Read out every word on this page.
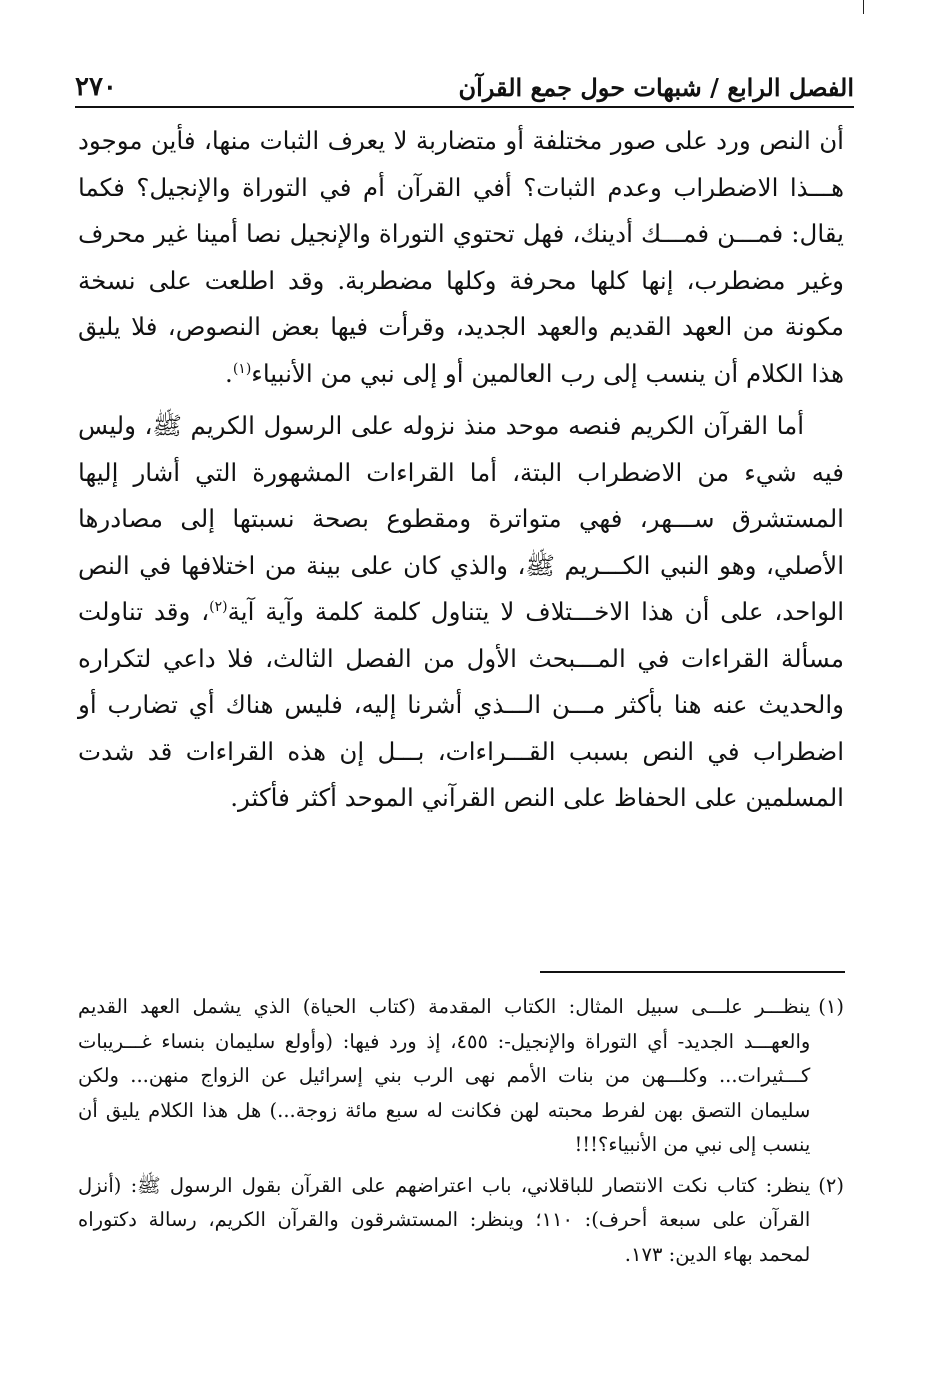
الفصل الرابع / شبهات حول جمع القرآن
٢٧٠

أن النص ورد على صور مختلفة أو متضاربة لا يعرف الثبات منها، فأين موجود هـــذا الاضطراب وعدم الثبات؟ أفي القرآن أم في التوراة والإنجيل؟ فكما يقال: فمـــن فمـــك أدينك، فهل تحتوي التوراة والإنجيل نصا أمينا غير محرف وغير مضطرب، إنها كلها محرفة وكلها مضطربة. وقد اطلعت على نسخة مكونة من العهد القديم والعهد الجديد، وقرأت فيها بعض النصوص، فلا يليق هذا الكلام أن ينسب إلى رب العالمين أو إلى نبي من الأنبياء$^{(١)}$.

أما القرآن الكريم فنصه موحد منذ نزوله على الرسول الكريم ﷺ، وليس فيه شيء من الاضطراب البتة، أما القراءات المشهورة التي أشار إليها المستشرق ســـهر، فهي متواترة ومقطوع بصحة نسبتها إلى مصادرها الأصلي، وهو النبي الكـــريم ﷺ، والذي كان على بينة من اختلافها في النص الواحد، على أن هذا الاخـــتلاف لا يتناول كلمة كلمة وآية آية$^{(٢)}$، وقد تناولت مسألة القراءات في المـــبحث الأول من الفصل الثالث، فلا داعي لتكراره والحديث عنه هنا بأكثر مـــن الـــذي أشرنا إليه، فليس هناك أي تضارب أو اضطراب في النص بسبب القـــراءات، بـــل إن هذه القراءات قد شدت المسلمين على الحفاظ على النص القرآني الموحد أكثر فأكثر.

(١)
ينظـــر علـــى سبيل المثال: الكتاب المقدمة (كتاب الحياة) الذي يشمل العهد القديم والعهـــد الجديد- أي التوراة والإنجيل-: ٤٥٥، إذ ورد فيها: (وأولع سليمان بنساء غـــريبات كـــثيرات... وكلـــهن من بنات الأمم نهى الرب بني إسرائيل عن الزواج منهن... ولكن سليمان التصق بهن لفرط محبته لهن فكانت له سبع مائة زوجة...) هل هذا الكلام يليق أن ينسب إلى نبي من الأنبياء؟!!!
(٢)
ينظر: كتاب نكت الانتصار للباقلاني، باب اعتراضهم على القرآن بقول الرسول ﷺ: (أنزل القرآن على سبعة أحرف): ١١٠؛ وينظر: المستشرقون والقرآن الكريم، رسالة دكتوراه لمحمد بهاء الدين: ١٧٣.
